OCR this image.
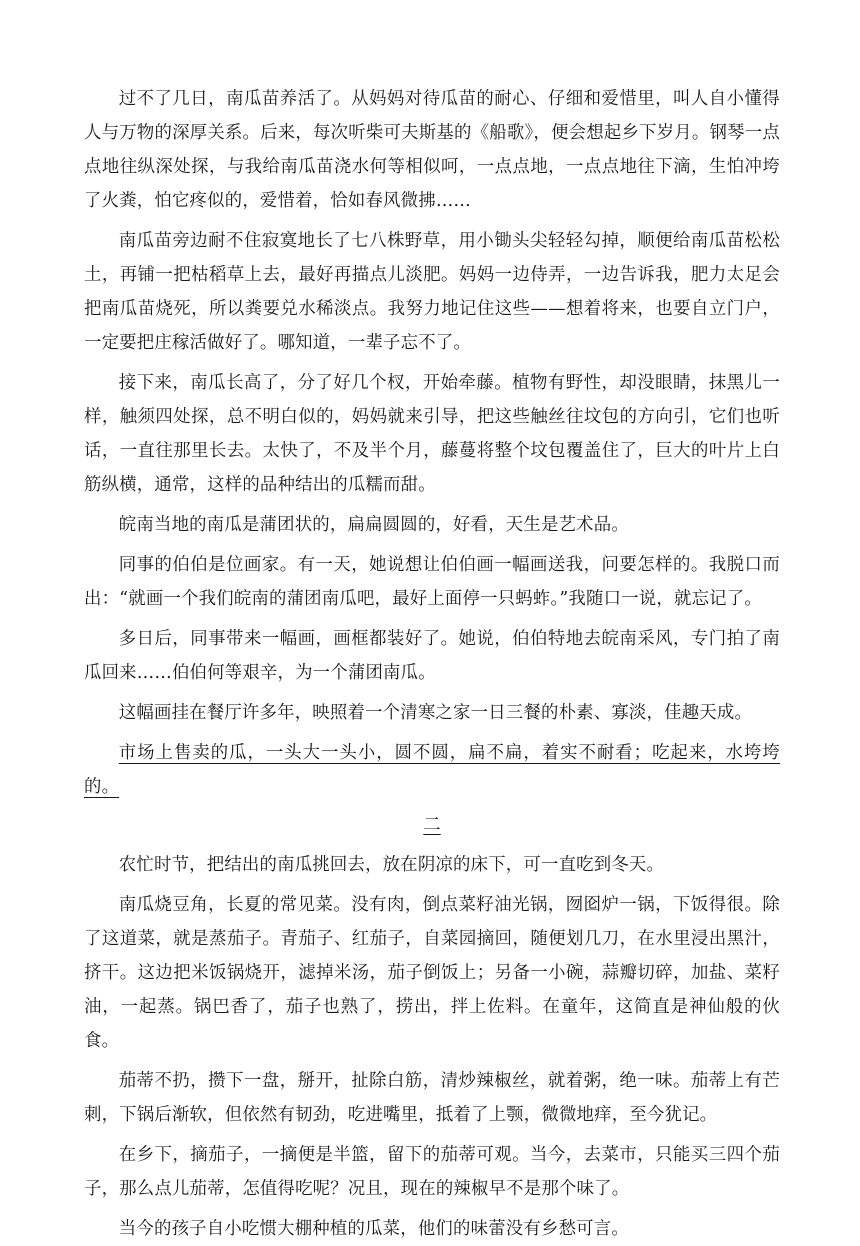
过不了几日，南瓜苗养活了。从妈妈对待瓜苗的耐心、仔细和爱惜里，叫人自小懂得人与万物的深厚关系。后来，每次听柴可夫斯基的《船歌》，便会想起乡下岁月。钢琴一点点地往纵深处探，与我给南瓜苗浇水何等相似呵，一点点地，一点点地往下滴，生怕冲垮了火粪，怕它疼似的，爱惜着，恰如春风微拂……

南瓜苗旁边耐不住寂寞地长了七八株野草，用小锄头尖轻轻勾掉，顺便给南瓜苗松松土，再铺一把枯稻草上去，最好再描点儿淡肥。妈妈一边侍弄，一边告诉我，肥力太足会把南瓜苗烧死，所以粪要兑水稀淡点。我努力地记住这些——想着将来，也要自立门户，一定要把庄稼活做好了。哪知道，一辈子忘不了。

接下来，南瓜长高了，分了好几个杈，开始牵藤。植物有野性，却没眼睛，抹黑儿一样，触须四处探，总不明白似的，妈妈就来引导，把这些触丝往坟包的方向引，它们也听话，一直往那里长去。太快了，不及半个月，藤蔓将整个坟包覆盖住了，巨大的叶片上白筋纵横，通常，这样的品种结出的瓜糯而甜。

皖南当地的南瓜是蒲团状的，扁扁圆圆的，好看，天生是艺术品。

同事的伯伯是位画家。有一天，她说想让伯伯画一幅画送我，问要怎样的。我脱口而出：“就画一个我们皖南的蒲团南瓜吧，最好上面停一只蚂蚱。”我随口一说，就忘记了。

多日后，同事带来一幅画，画框都装好了。她说，伯伯特地去皖南采风，专门拍了南瓜回来……伯伯何等艰辛，为一个蒲团南瓜。

这幅画挂在餐厅许多年，映照着一个清寒之家一日三餐的朴素、寡淡，佳趣天成。

市场上售卖的瓜，一头大一头小，圆不圆，扁不扁，着实不耐看；吃起来，水垮垮的。

二

农忙时节，把结出的南瓜挑回去，放在阴凉的床下，可一直吃到冬天。

南瓜烧豆角，长夏的常见菜。没有肉，倒点菜籽油光锅，囫囵炉一锅，下饭得很。除了这道菜，就是蒸茄子。青茄子、红茄子，自菜园摘回，随便划几刀，在水里浸出黑汁，挤干。这边把米饭锅烧开，滤掉米汤，茄子倒饭上；另备一小碗，蒜瓣切碎，加盐、菜籽油，一起蒸。锅巴香了，茄子也熟了，捞出，拌上佐料。在童年，这简直是神仙般的伙食。

茄蒂不扔，攒下一盘，掰开，扯除白筋，清炒辣椒丝，就着粥，绝一味。茄蒂上有芒刺，下锅后渐软，但依然有韧劲，吃进嘴里，抵着了上颚，微微地痒，至今犹记。

在乡下，摘茄子，一摘便是半篮，留下的茄蒂可观。当今，去菜市，只能买三四个茄子，那么点儿茄蒂，怎值得吃呢？况且，现在的辣椒早不是那个味了。

当今的孩子自小吃惯大棚种植的瓜菜，他们的味蕾没有乡愁可言。
